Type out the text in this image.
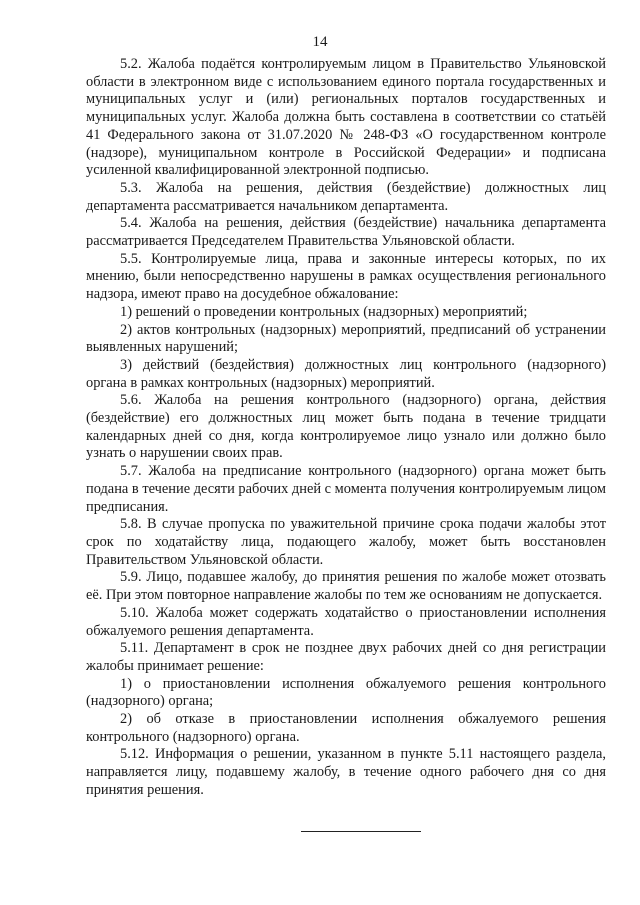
14

5.2. Жалоба подаётся контролируемым лицом в Правительство Ульяновской области в электронном виде с использованием единого портала государственных и муниципальных услуг и (или) региональных порталов государственных и муниципальных услуг. Жалоба должна быть составлена в соответствии со статьёй 41 Федерального закона от 31.07.2020 № 248-ФЗ «О государственном контроле (надзоре), муниципальном контроле в Российской Федерации» и подписана усиленной квалифицированной электронной подписью.

5.3. Жалоба на решения, действия (бездействие) должностных лиц департамента рассматривается начальником департамента.

5.4. Жалоба на решения, действия (бездействие) начальника департамента рассматривается Председателем Правительства Ульяновской области.

5.5. Контролируемые лица, права и законные интересы которых, по их мнению, были непосредственно нарушены в рамках осуществления регионального надзора, имеют право на досудебное обжалование:

1) решений о проведении контрольных (надзорных) мероприятий;

2) актов контрольных (надзорных) мероприятий, предписаний об устранении выявленных нарушений;

3) действий (бездействия) должностных лиц контрольного (надзорного) органа в рамках контрольных (надзорных) мероприятий.

5.6. Жалоба на решения контрольного (надзорного) органа, действия (бездействие) его должностных лиц может быть подана в течение тридцати календарных дней со дня, когда контролируемое лицо узнало или должно было узнать о нарушении своих прав.

5.7. Жалоба на предписание контрольного (надзорного) органа может быть подана в течение десяти рабочих дней с момента получения контролируемым лицом предписания.

5.8. В случае пропуска по уважительной причине срока подачи жалобы этот срок по ходатайству лица, подающего жалобу, может быть восстановлен Правительством Ульяновской области.

5.9. Лицо, подавшее жалобу, до принятия решения по жалобе может отозвать её. При этом повторное направление жалобы по тем же основаниям не допускается.

5.10. Жалоба может содержать ходатайство о приостановлении исполнения обжалуемого решения департамента.

5.11. Департамент в срок не позднее двух рабочих дней со дня регистрации жалобы принимает решение:

1) о приостановлении исполнения обжалуемого решения контрольного (надзорного) органа;

2) об отказе в приостановлении исполнения обжалуемого решения контрольного (надзорного) органа.

5.12. Информация о решении, указанном в пункте 5.11 настоящего раздела, направляется лицу, подавшему жалобу, в течение одного рабочего дня со дня принятия решения.
